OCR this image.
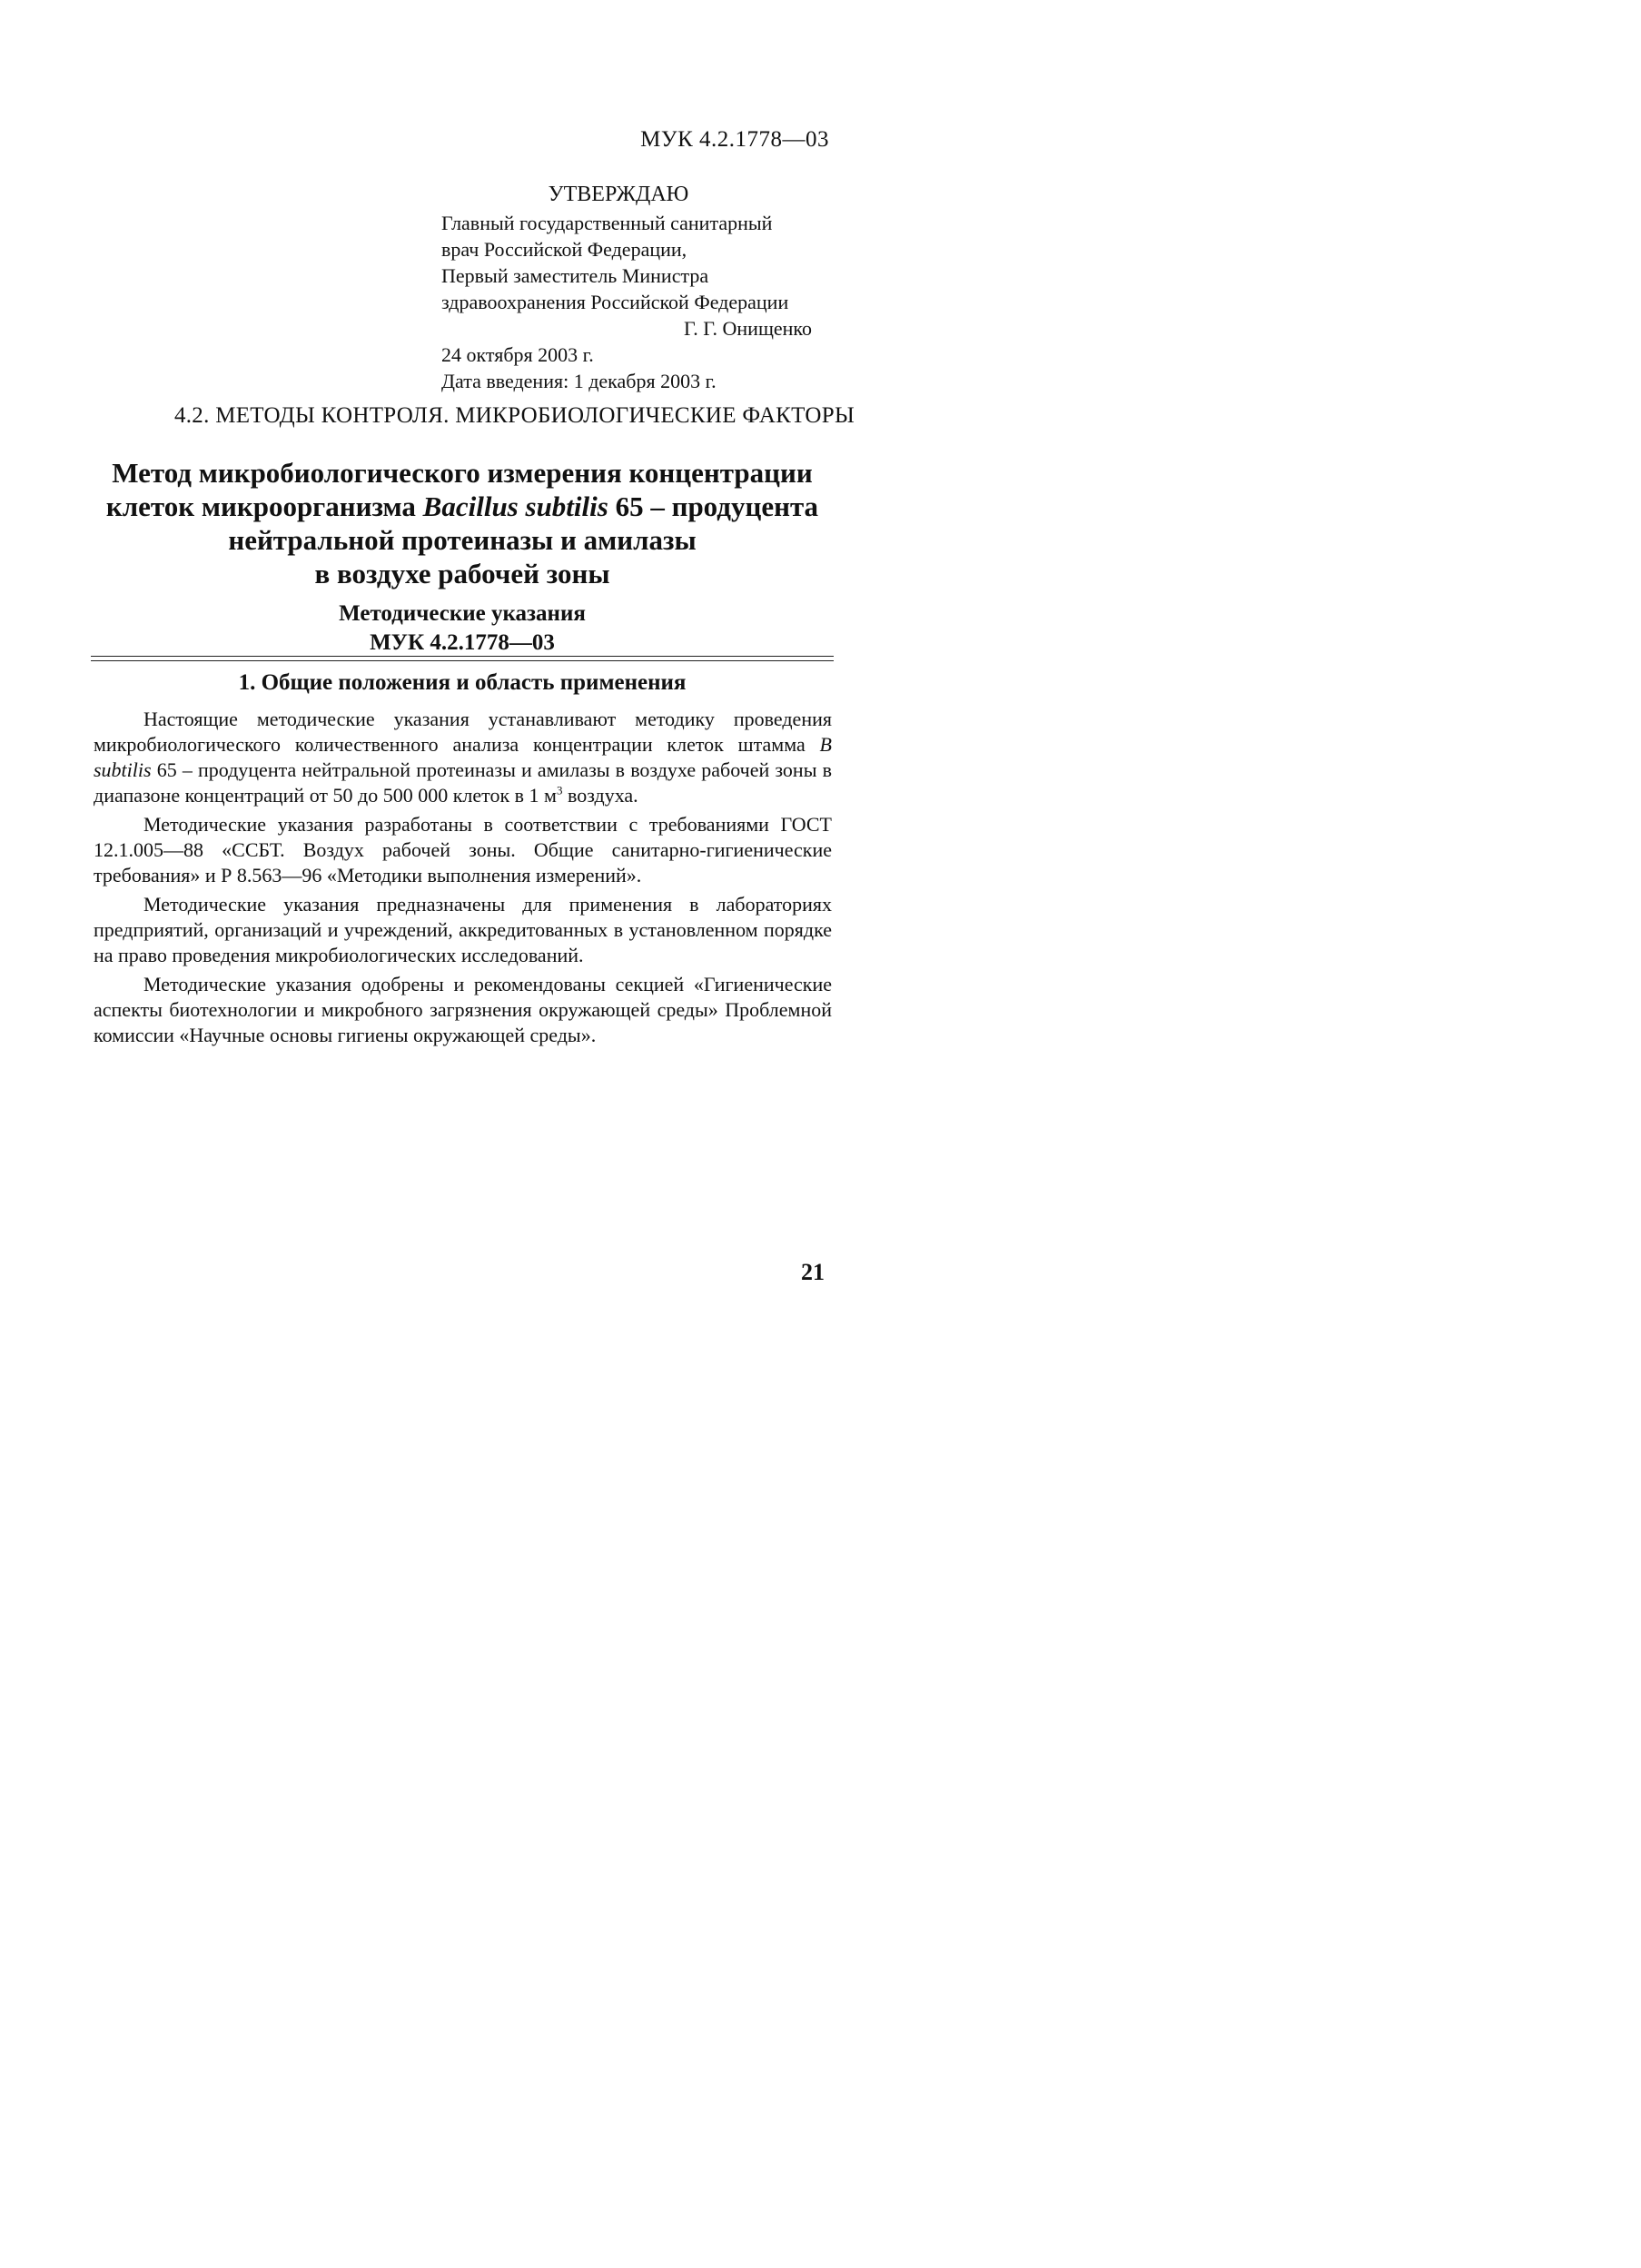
МУК 4.2.1778—03
УТВЕРЖДАЮ
Главный государственный санитарный
врач Российской Федерации,
Первый заместитель Министра
здравоохранения Российской Федерации
Г. Г. Онищенко
24 октября 2003 г.
Дата введения: 1 декабря 2003 г.
4.2. МЕТОДЫ КОНТРОЛЯ. МИКРОБИОЛОГИЧЕСКИЕ ФАКТОРЫ
Метод микробиологического измерения концентрации
клеток микроорганизма Bacillus subtilis 65 – продуцента
нейтральной протеиназы и амилазы
в воздухе рабочей зоны
Методические указания
МУК 4.2.1778—03
1. Общие положения и область применения

Настоящие методические указания устанавливают методику проведения микробиологического количественного анализа концентрации клеток штамма B subtilis 65 – продуцента нейтральной протеиназы и амилазы в воздухе рабочей зоны в диапазоне концентраций от 50 до 500 000 клеток в 1 $м^3$ воздуха.

Методические указания разработаны в соответствии с требованиями ГОСТ 12.1.005—88 «ССБТ. Воздух рабочей зоны. Общие санитарно-гигиенические требования» и Р 8.563—96 «Методики выполнения измерений».

Методические указания предназначены для применения в лабораториях предприятий, организаций и учреждений, аккредитованных в установленном порядке на право проведения микробиологических исследований.

Методические указания одобрены и рекомендованы секцией «Гигиенические аспекты биотехнологии и микробного загрязнения окружающей среды» Проблемной комиссии «Научные основы гигиены окружающей среды».

21
